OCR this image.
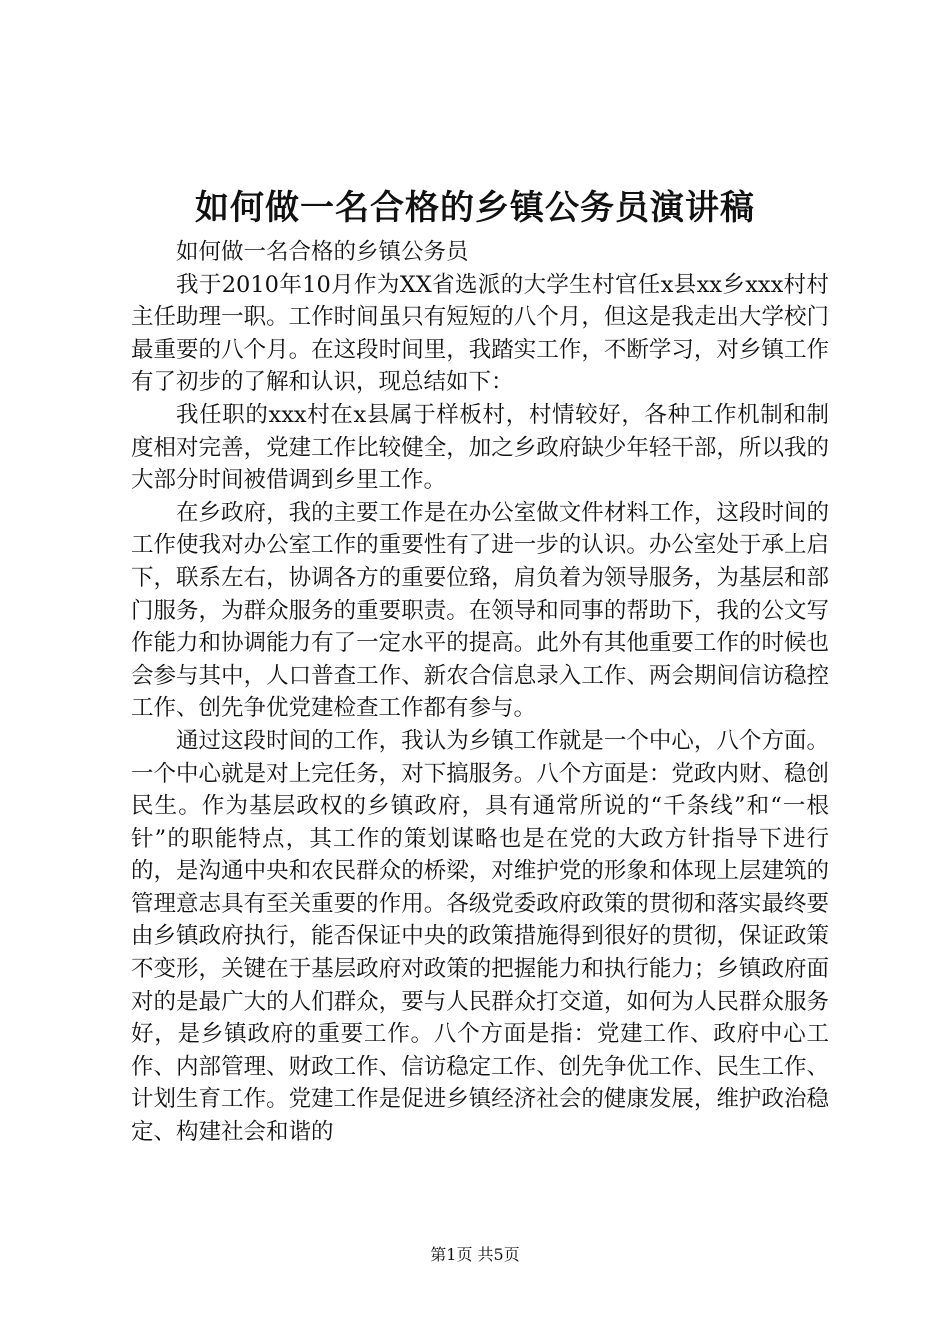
如何做一名合格的乡镇公务员演讲稿

如何做一名合格的乡镇公务员

我于2010年10月作为XX省选派的大学生村官任x县xx乡xxx村村主任助理一职。工作时间虽只有短短的八个月，但这是我走出大学校门最重要的八个月。在这段时间里，我踏实工作，不断学习，对乡镇工作有了初步的了解和认识，现总结如下：

我任职的xxx村在x县属于样板村，村情较好，各种工作机制和制度相对完善，党建工作比较健全，加之乡政府缺少年轻干部，所以我的大部分时间被借调到乡里工作。

在乡政府，我的主要工作是在办公室做文件材料工作，这段时间的工作使我对办公室工作的重要性有了进一步的认识。办公室处于承上启下，联系左右，协调各方的重要位臵，肩负着为领导服务，为基层和部门服务，为群众服务的重要职责。在领导和同事的帮助下，我的公文写作能力和协调能力有了一定水平的提高。此外有其他重要工作的时候也会参与其中，人口普查工作、新农合信息录入工作、两会期间信访稳控工作、创先争优党建检查工作都有参与。

通过这段时间的工作，我认为乡镇工作就是一个中心，八个方面。一个中心就是对上完任务，对下搞服务。八个方面是：党政内财、稳创民生。作为基层政权的乡镇政府，具有通常所说的“千条线”和“一根针”的职能特点，其工作的策划谋略也是在党的大政方针指导下进行的，是沟通中央和农民群众的桥梁，对维护党的形象和体现上层建筑的管理意志具有至关重要的作用。各级党委政府政策的贯彻和落实最终要由乡镇政府执行，能否保证中央的政策措施得到很好的贯彻，保证政策不变形，关键在于基层政府对政策的把握能力和执行能力；乡镇政府面对的是最广大的人们群众，要与人民群众打交道，如何为人民群众服务好，是乡镇政府的重要工作。八个方面是指：党建工作、政府中心工作、内部管理、财政工作、信访稳定工作、创先争优工作、民生工作、计划生育工作。党建工作是促进乡镇经济社会的健康发展，维护政治稳定、构建社会和谐的

第1页 共5页
